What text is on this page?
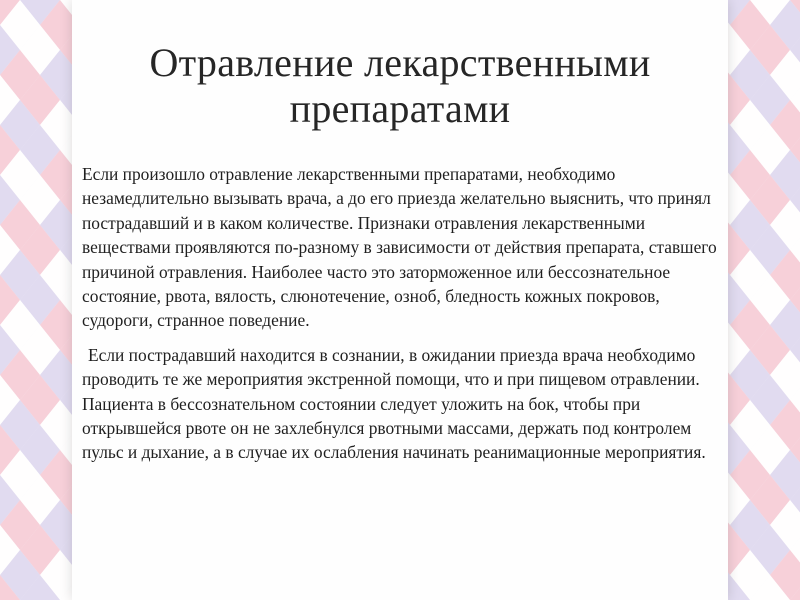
Отравление лекарственными
препаратами

Если произошло отравление лекарственными препаратами, необходимо незамедлительно вызывать врача, а до его приезда желательно выяснить, что принял пострадавший и в каком количестве. Признаки отравления лекарственными веществами проявляются по-разному в зависимости от действия препарата, ставшего причиной отравления. Наиболее часто это заторможенное или бессознательное состояние, рвота, вялость, слюнотечение, озноб, бледность кожных покровов, судороги, странное поведение.

Если пострадавший находится в сознании, в ожидании приезда врача необходимо проводить те же мероприятия экстренной помощи, что и при пищевом отравлении. Пациента в бессознательном состоянии следует уложить на бок, чтобы при открывшейся рвоте он не захлебнулся рвотными массами, держать под контролем пульс и дыхание, а в случае их ослабления начинать реанимационные мероприятия.
